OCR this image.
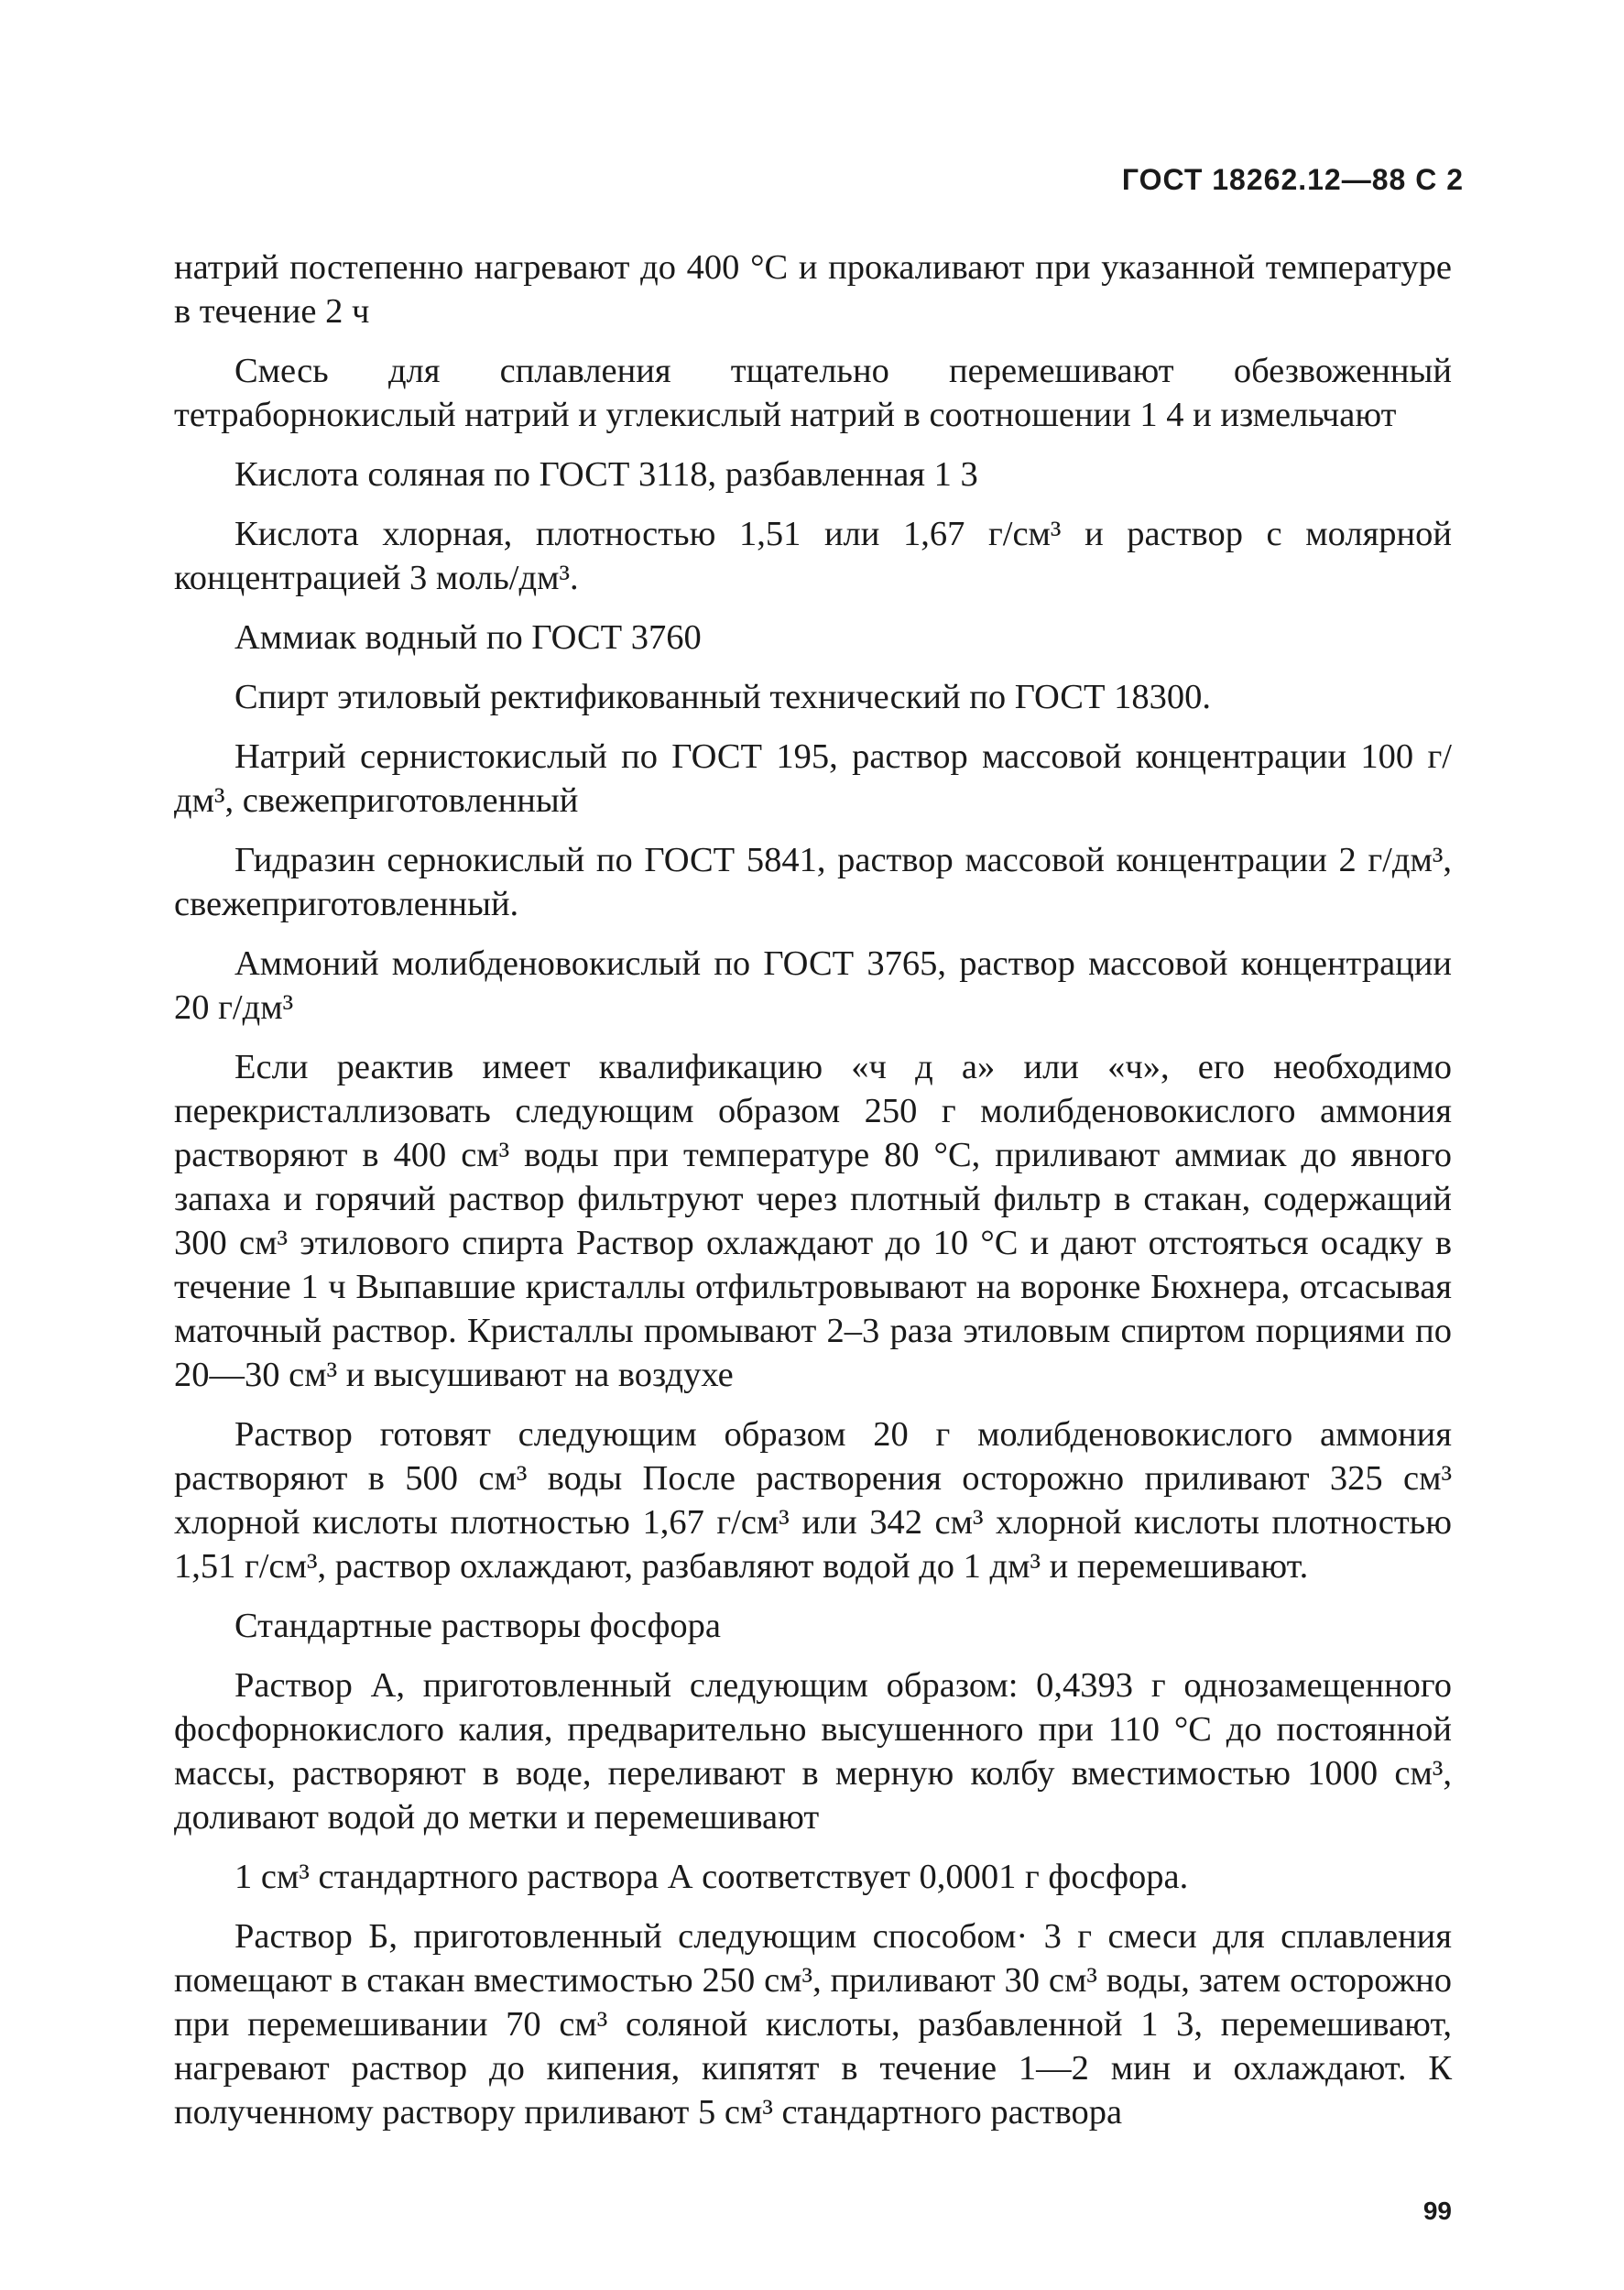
ГОСТ 18262.12—88 С 2

натрий постепенно нагревают до 400 °С и прокаливают при указанной температуре в течение 2 ч

Смесь для сплавления тщательно перемешивают обезвоженный тетраборнокислый натрий и углекислый натрий в соотношении 1 4 и измельчают

Кислота соляная по ГОСТ 3118, разбавленная 1 3

Кислота хлорная, плотностью 1,51 или 1,67 г/см³ и раствор с молярной концентрацией 3 моль/дм³.

Аммиак водный по ГОСТ 3760

Спирт этиловый ректификованный технический по ГОСТ 18300.

Натрий сернистокислый по ГОСТ 195, раствор массовой концентрации 100 г/дм³, свежеприготовленный

Гидразин сернокислый по ГОСТ 5841, раствор массовой концентрации 2 г/дм³, свежеприготовленный.

Аммоний молибденовокислый по ГОСТ 3765, раствор массовой концентрации 20 г/дм³

Если реактив имеет квалификацию «ч д а» или «ч», его необходимо перекристаллизовать следующим образом 250 г молибденовокислого аммония растворяют в 400 см³ воды при температуре 80 °С, приливают аммиак до явного запаха и горячий раствор фильтруют через плотный фильтр в стакан, содержащий 300 см³ этилового спирта Раствор охлаждают до 10 °С и дают отстояться осадку в течение 1 ч Выпавшие кристаллы отфильтровывают на воронке Бюхнера, отсасывая маточный раствор. Кристаллы промывают 2–3 раза этиловым спиртом порциями по 20—30 см³ и высушивают на воздухе

Раствор готовят следующим образом 20 г молибденовокислого аммония растворяют в 500 см³ воды После растворения осторожно приливают 325 см³ хлорной кислоты плотностью 1,67 г/см³ или 342 см³ хлорной кислоты плотностью 1,51 г/см³, раствор охлаждают, разбавляют водой до 1 дм³ и перемешивают.

Стандартные растворы фосфора

Раствор А, приготовленный следующим образом: 0,4393 г однозамещенного фосфорнокислого калия, предварительно высушенного при 110 °С до постоянной массы, растворяют в воде, переливают в мерную колбу вместимостью 1000 см³, доливают водой до метки и перемешивают

1 см³ стандартного раствора А соответствует 0,0001 г фосфора.

Раствор Б, приготовленный следующим способом· 3 г смеси для сплавления помещают в стакан вместимостью 250 см³, приливают 30 см³ воды, затем осторожно при перемешивании 70 см³ соляной кислоты, разбавленной 1 3, перемешивают, нагревают раствор до кипения, кипятят в течение 1—2 мин и охлаждают. К полученному раствору приливают 5 см³ стандартного раствора

99
